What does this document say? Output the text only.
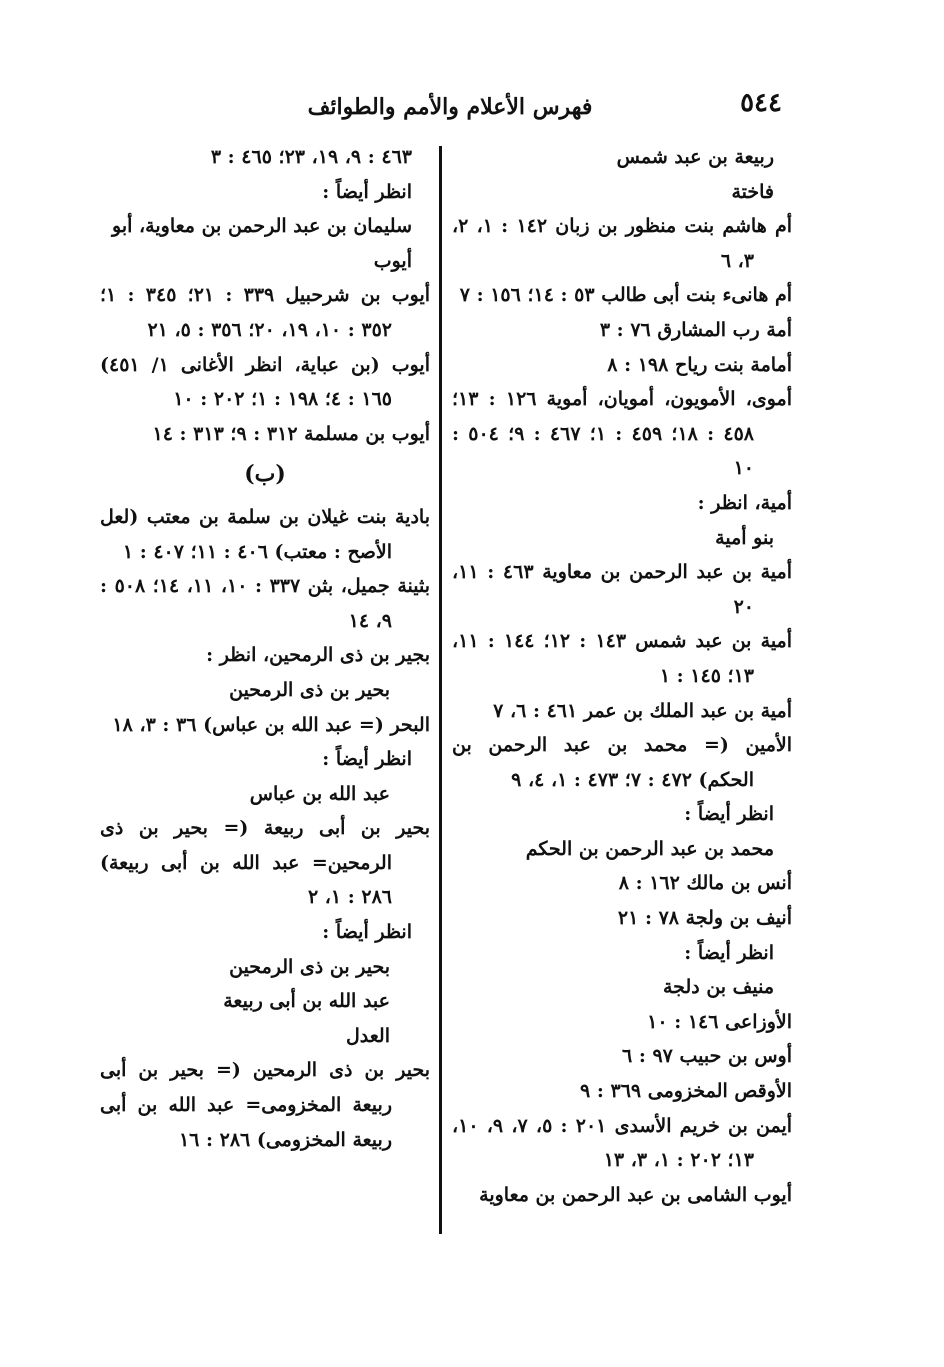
٥٤٤
فهرس الأعلام والأمم والطوائف
ربيعة بن عبد شمس
فاختة
أم هاشم بنت منظور بن زبان ١٤٢ : ١، ٢، ٣، ٦
أم هانىء بنت أبى طالب ٥٣ : ١٤؛ ١٥٦ : ٧
أمة رب المشارق ٧٦ : ٣
أمامة بنت رياح ١٩٨ : ٨
أموى، الأمويون، أمويان، أموية ١٢٦ : ١٣؛ ٤٥٨ : ١٨؛ ٤٥٩ : ١؛ ٤٦٧ : ٩؛ ٥٠٤ : ١٠
أمية، انظر :
بنو أمية
أمية بن عبد الرحمن بن معاوية ٤٦٣ : ١١، ٢٠
أمية بن عبد شمس ١٤٣ : ١٢؛ ١٤٤ : ١١، ١٣؛ ١٤٥ : ١
أمية بن عبد الملك بن عمر ٤٦١ : ٦، ٧
الأمين (= محمد بن عبد الرحمن بن الحكم) ٤٧٢ : ٧؛ ٤٧٣ : ١، ٤، ٩
انظر أيضاً :
محمد بن عبد الرحمن بن الحكم
أنس بن مالك ١٦٢ : ٨
أنيف بن ولجة ٧٨ : ٢١
انظر أيضاً :
منيف بن دلجة
الأوزاعى ١٤٦ : ١٠
أوس بن حبيب ٩٧ : ٦
الأوقص المخزومى ٣٦٩ : ٩
أيمن بن خريم الأسدى ٢٠١ : ٥، ٧، ٩، ١٠، ١٣؛ ٢٠٢ : ١، ٣، ١٣
أيوب الشامى بن عبد الرحمن بن معاوية
٤٦٣ : ٩، ١٩، ٢٣؛ ٤٦٥ : ٣
انظر أيضاً :
سليمان بن عبد الرحمن بن معاوية، أبو أيوب
أيوب بن شرحبيل ٣٣٩ : ٢١؛ ٣٤٥ : ١؛ ٣٥٢ : ١٠، ١٩، ٢٠؛ ٣٥٦ : ٥، ٢١
أيوب (بن عباية، انظر الأغانى ١/ ٤٥١) ١٦٥ : ٤؛ ١٩٨ : ١؛ ٢٠٢ : ١٠
أيوب بن مسلمة ٣١٢ : ٩؛ ٣١٣ : ١٤
(ب)
بادية بنت غيلان بن سلمة بن معتب (لعل الأصح : معتب) ٤٠٦ : ١١؛ ٤٠٧ : ١
بثينة جميل، بثن ٣٣٧ : ١٠، ١١، ١٤؛ ٥٠٨ : ٩، ١٤
بجير بن ذى الرمحين، انظر :
بحير بن ذى الرمحين
البحر (= عبد الله بن عباس) ٣٦ : ٣، ١٨
انظر أيضاً :
عبد الله بن عباس
بحير بن أبى ربيعة (= بحير بن ذى الرمحين= عبد الله بن أبى ربيعة) ٢٨٦ : ١، ٢
انظر أيضاً :
بحير بن ذى الرمحين
عبد الله بن أبى ربيعة
العدل
بحير بن ذى الرمحين (= بحير بن أبى ربيعة المخزومى= عبد الله بن أبى ربيعة المخزومى) ٢٨٦ : ١٦
